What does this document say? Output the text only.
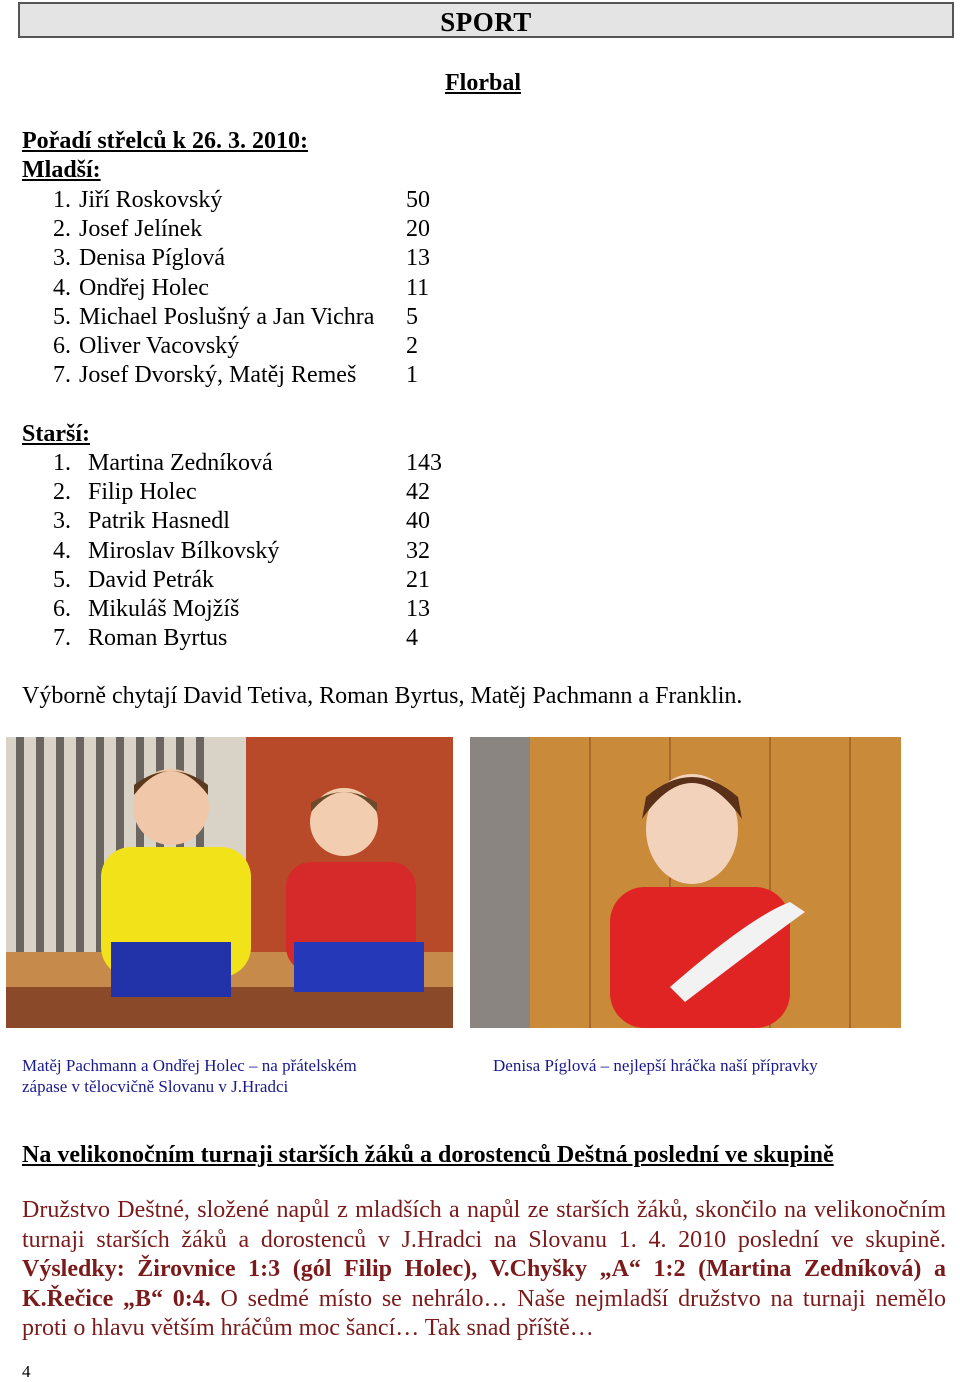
SPORT
Florbal
Pořadí střelců k 26. 3. 2010:
Mladší:
1. Jiří Roskovský	50
2. Josef Jelínek	20
3. Denisa Píglová	13
4. Ondřej Holec	11
5. Michael Poslušný a Jan Vichra 5
6. Oliver Vacovský	2
7. Josef Dvorský, Matěj Remeš 1
Starší:
1. Martina Zedníková	143
2. Filip Holec	42
3. Patrik Hasnedl	40
4. Miroslav Bílkovský	32
5. David Petrák	21
6. Mikuláš Mojžíš	13
7. Roman Byrtus	4
Výborně chytají David Tetiva, Roman Byrtus, Matěj Pachmann a Franklin.
Matěj Pachmann a Ondřej Holec – na přátelském zápase v tělocvičně Slovanu v J.Hradci
Denisa Píglová – nejlepší hráčka naší přípravky
Na velikonočním turnaji starších žáků a dorostenců Deštná poslední ve skupině
Družstvo Deštné, složené napůl z mladších a napůl ze starších žáků, skončilo na velikonočním turnaji starších žáků a dorostenců v J.Hradci na Slovanu 1. 4. 2010 poslední ve skupině. Výsledky: Žirovnice 1:3 (gól Filip Holec), V.Chyšky „A“ 1:2 (Martina Zedníková) a K.Řečice „B“ 0:4. O sedmé místo se nehrálo… Naše nejmladší družstvo na turnaji nemělo proti o hlavu větším hráčům moc šancí… Tak snad příště…
4
